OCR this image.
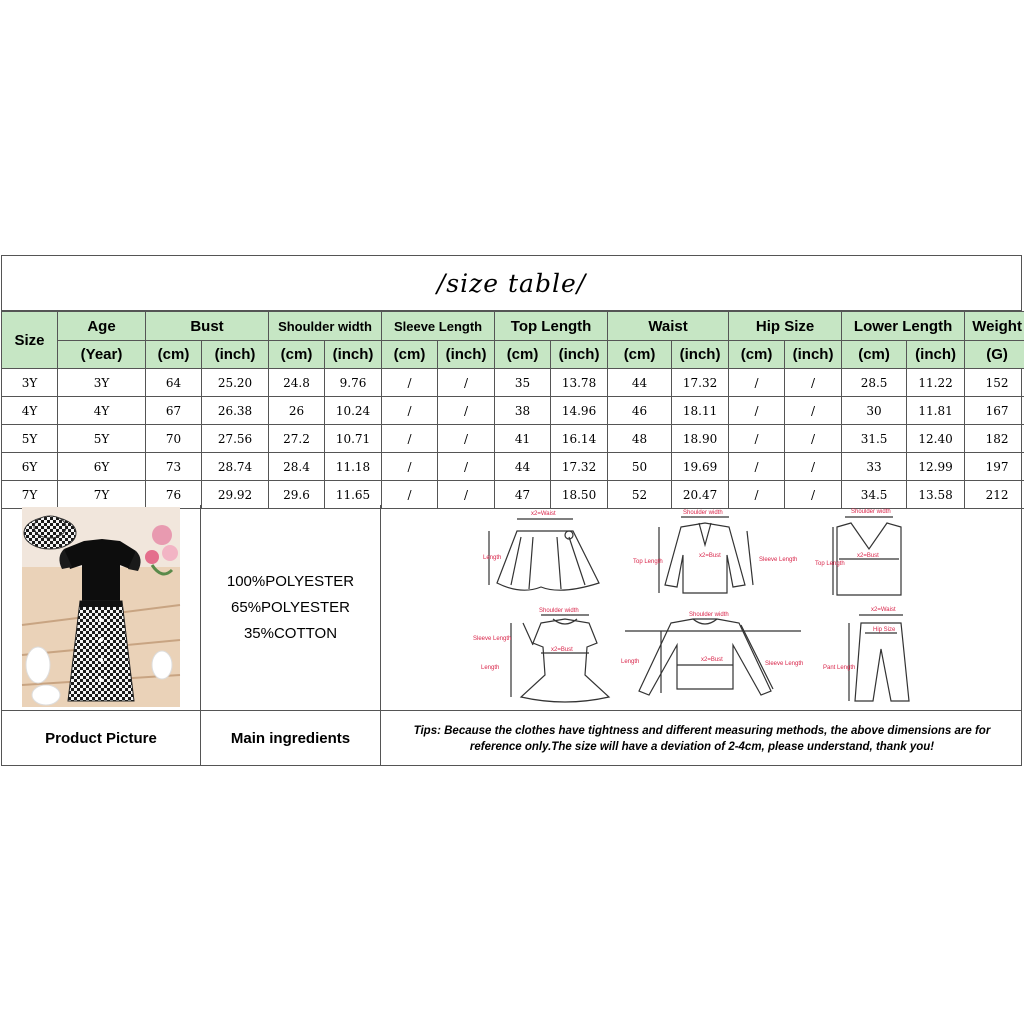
/size table/
Size	Age	Bust		Shoulder width		Sleeve Length		Top Length		Waist		Hip Size		Lower Length		Weight
	(Year)	(cm)	(inch)	(cm)	(inch)	(cm)	(inch)	(cm)	(inch)	(cm)	(inch)	(cm)	(inch)	(cm)	(inch)	(G)
3Y	3Y	64	25.20	24.8	9.76	/	/	35	13.78	44	17.32	/	/	28.5	11.22	152
4Y	4Y	67	26.38	26	10.24	/	/	38	14.96	46	18.11	/	/	30	11.81	167
5Y	5Y	70	27.56	27.2	10.71	/	/	41	16.14	48	18.90	/	/	31.5	12.40	182
6Y	6Y	73	28.74	28.4	11.18	/	/	44	17.32	50	19.69	/	/	33	12.99	197
7Y	7Y	76	29.92	29.6	11.65	/	/	47	18.50	52	20.47	/	/	34.5	13.58	212
100%POLYESTER
65%POLYESTER
35%COTTON
x2=Waist
Length
Shoulder width
x2=Bust
Top Length	Sleeve Length
Shoulder width
x2=Bust
Top Length
Shoulder width
Sleeve Length
x2=Bust
Length
Shoulder width
x2=Bust
Length	Sleeve Length
x2=Waist
Hip Size
Pant Length
Product Picture	Main ingredients	Tips: Because the clothes have tightness and different measuring methods, the above dimensions are for reference only.The size will have a deviation of 2-4cm, please understand, thank you!
